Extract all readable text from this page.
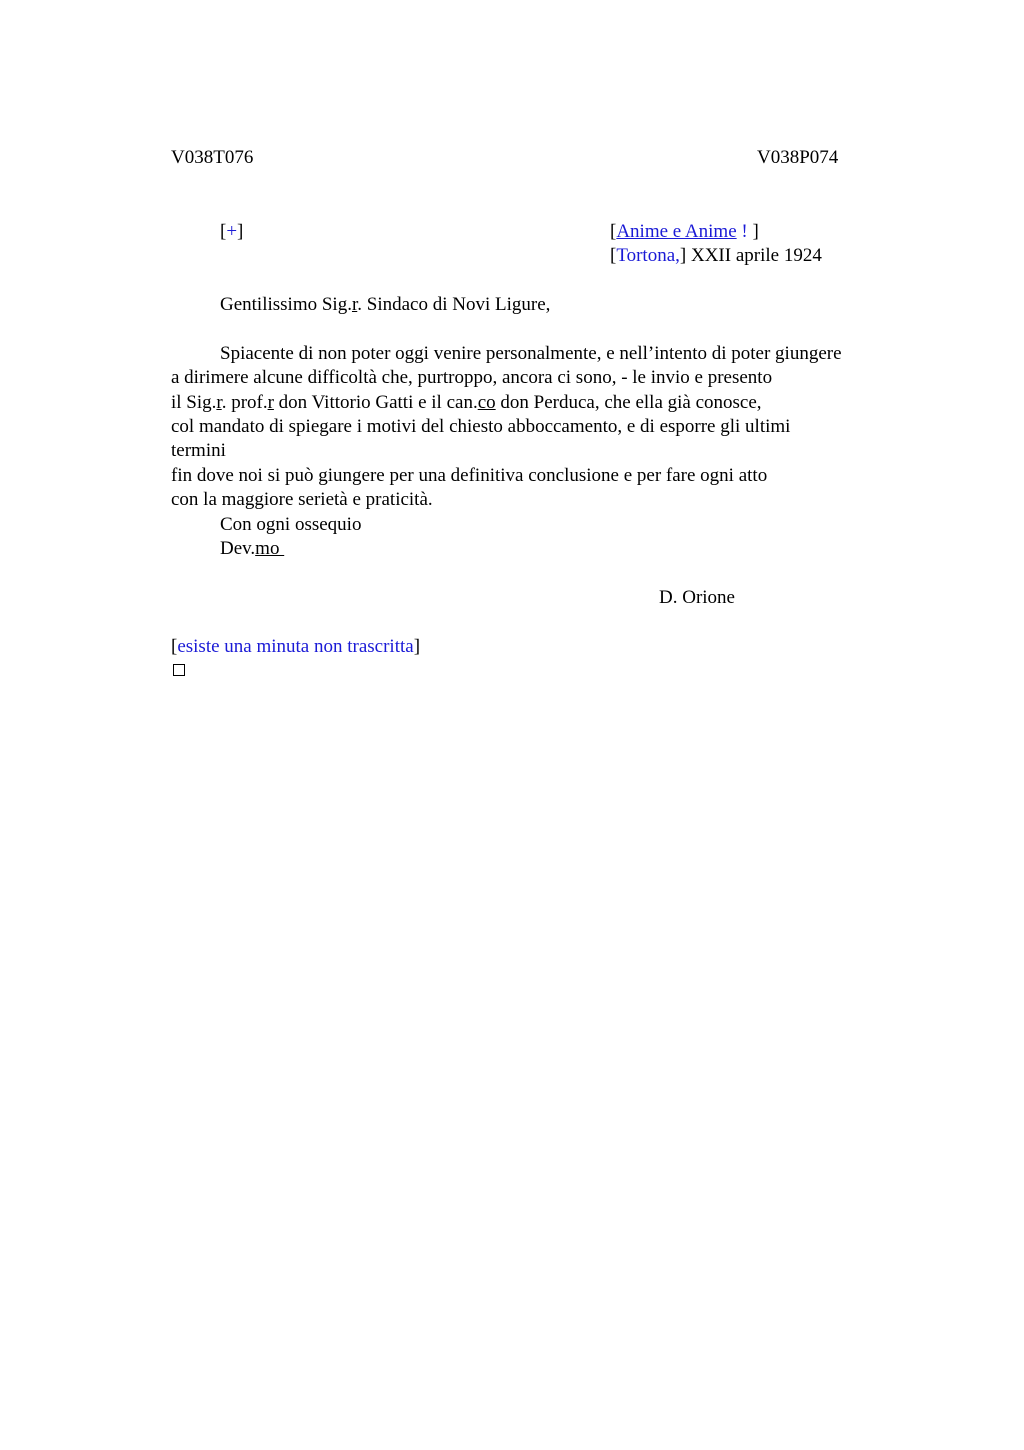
V038T076	V038P074
[+]	[Anime e Anime ! ]
[Tortona,] XXII aprile 1924
Gentilissimo Sig.r. Sindaco di Novi Ligure,
Spiacente di non poter oggi venire personalmente, e nell’intento di poter giungere
a dirimere alcune difficoltà che, purtroppo, ancora ci sono, - le invio e presento
il Sig.r. prof.r don Vittorio Gatti e il can.co don Perduca, che ella già conosce,
col mandato di spiegare i motivi del chiesto abboccamento, e di esporre gli ultimi
termini
fin dove noi si può giungere per una definitiva conclusione e per fare ogni atto
con la maggiore serietà e praticità.
Con ogni ossequio
Dev.mo
D. Orione
[esiste una minuta non trascritta]
